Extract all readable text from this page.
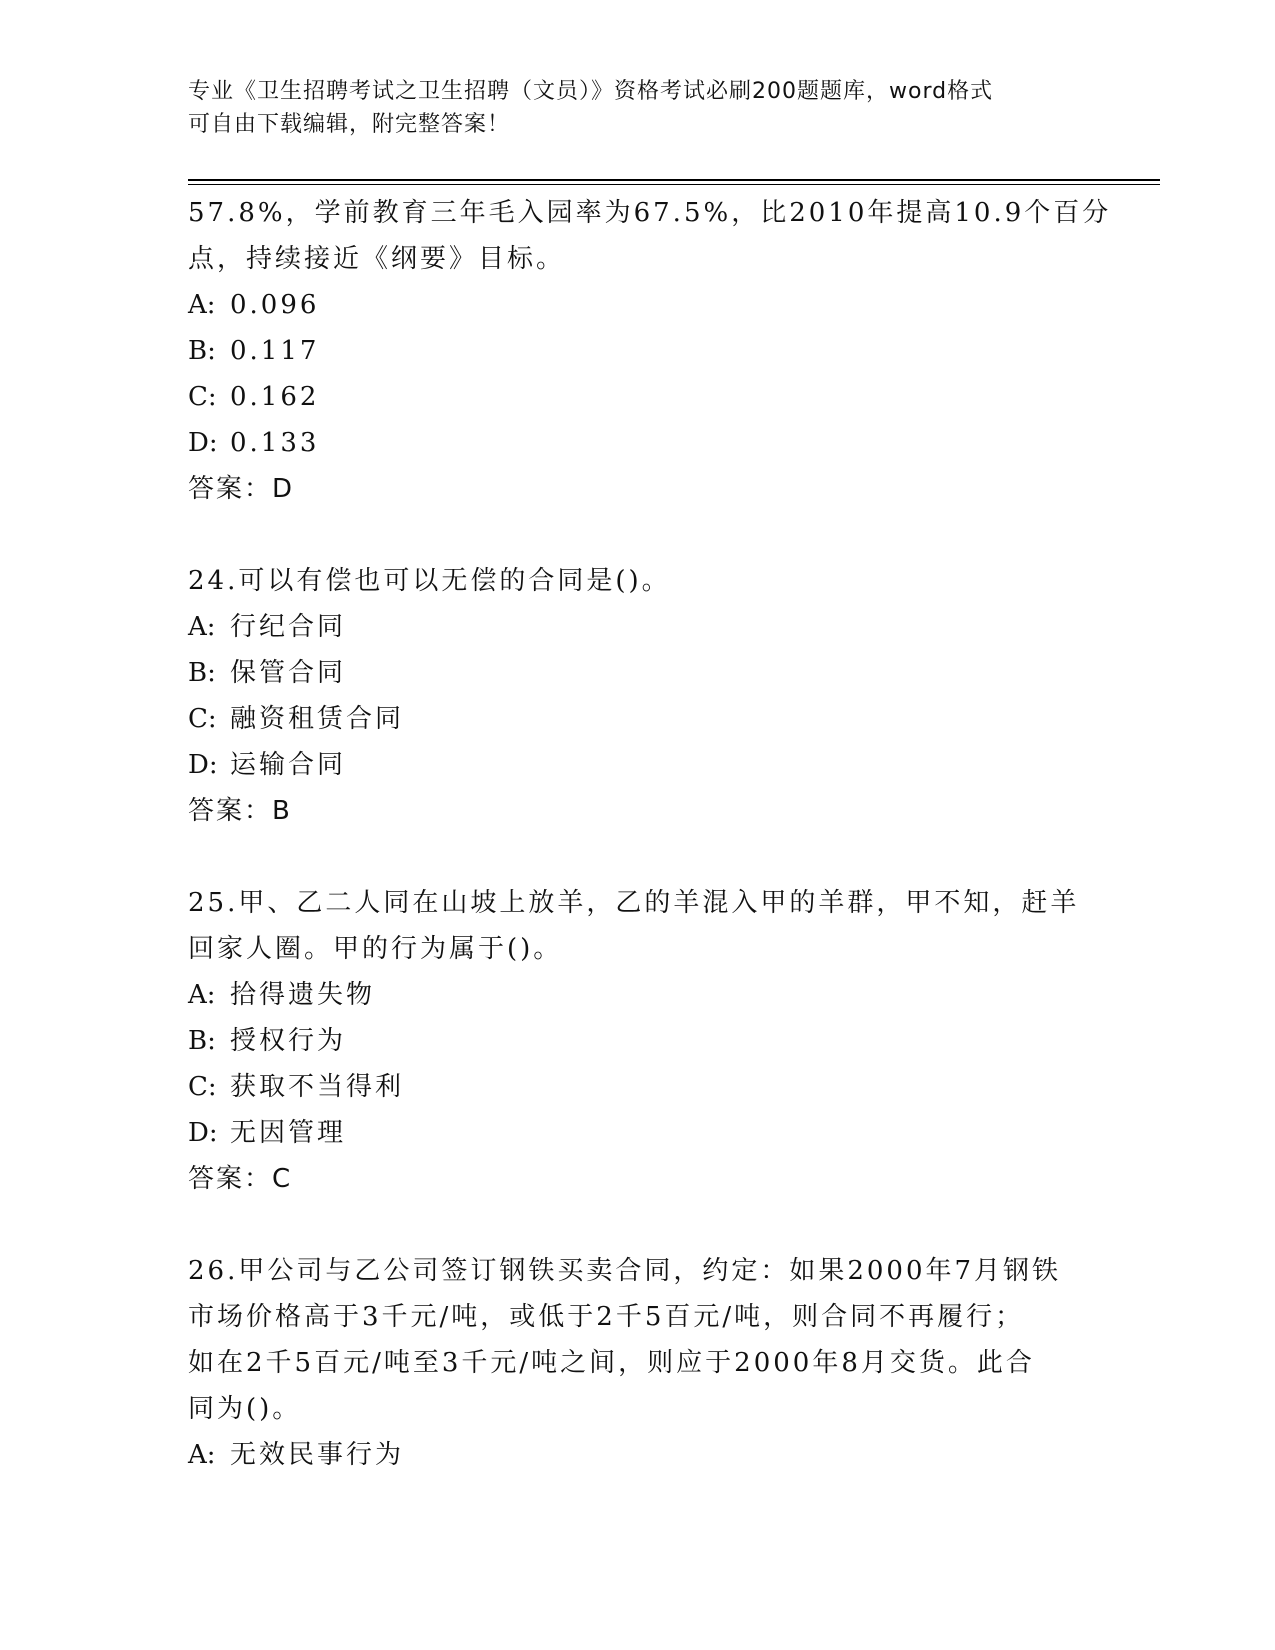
专业《卫生招聘考试之卫生招聘（文员）》资格考试必刷200题题库，word格式
可自由下载编辑，附完整答案！
57.8%，学前教育三年毛入园率为67.5%，比2010年提高10.9个百分
点，持续接近《纲要》目标。
A: 0.096
B: 0.117
C: 0.162
D: 0.133
答案：D
24.可以有偿也可以无偿的合同是()。
A: 行纪合同
B: 保管合同
C: 融资租赁合同
D: 运输合同
答案：B
25.甲、乙二人同在山坡上放羊，乙的羊混入甲的羊群，甲不知，赶羊
回家人圈。甲的行为属于()。
A: 拾得遗失物
B: 授权行为
C: 获取不当得利
D: 无因管理
答案：C
26.甲公司与乙公司签订钢铁买卖合同，约定：如果2000年7月钢铁
市场价格高于3千元/吨，或低于2千5百元/吨，则合同不再履行；
如在2千5百元/吨至3千元/吨之间，则应于2000年8月交货。此合
同为()。
A: 无效民事行为
